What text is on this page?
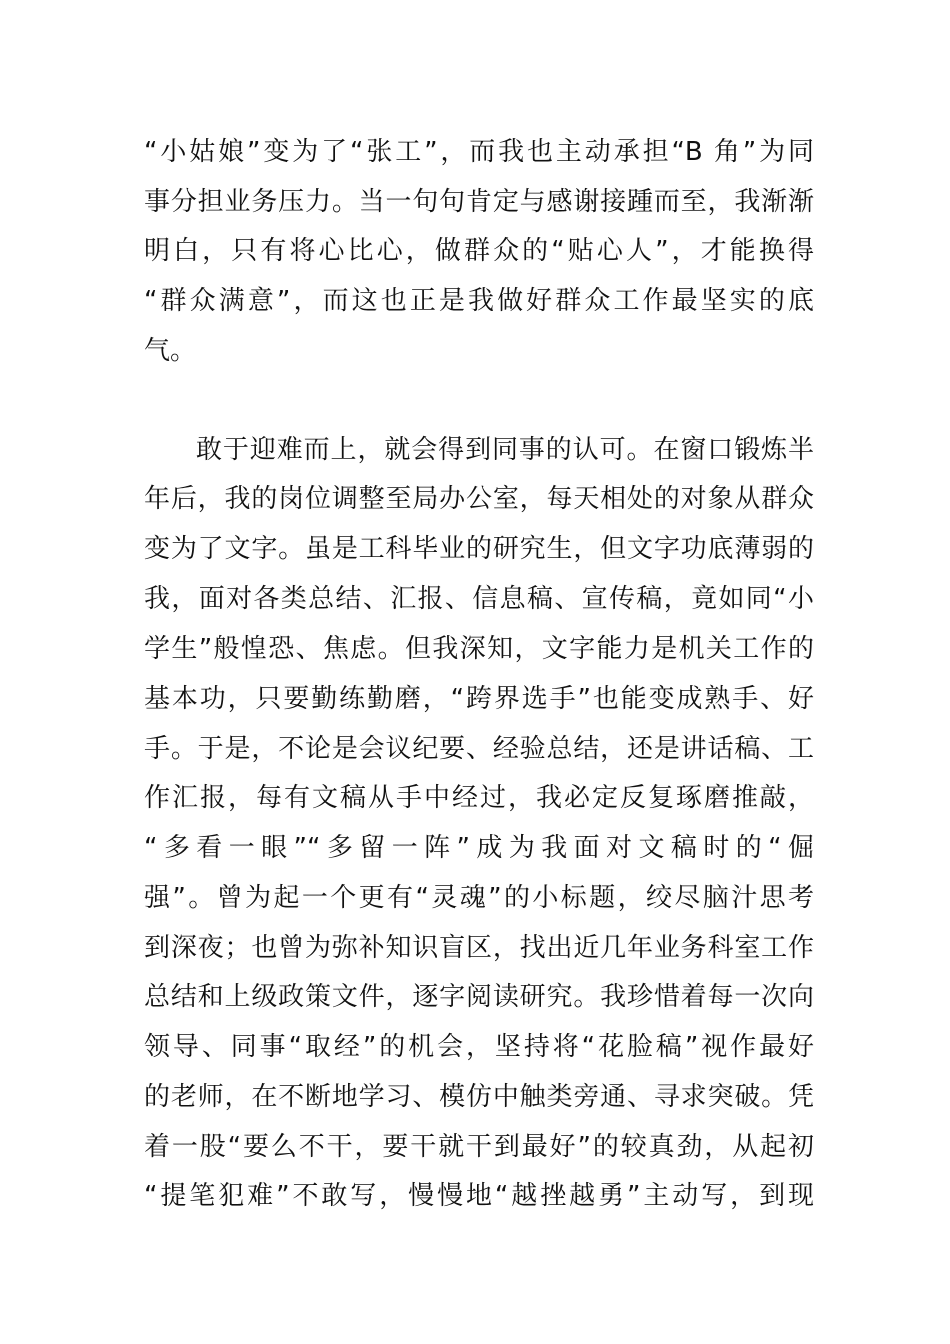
“小姑娘”变为了“张工”，而我也主动承担“B 角”为同
事分担业务压力。当一句句肯定与感谢接踵而至，我渐渐
明白，只有将心比心，做群众的“贴心人”，才能换得
“群众满意”，而这也正是我做好群众工作最坚实的底
气。
敢于迎难而上，就会得到同事的认可。在窗口锻炼半
年后，我的岗位调整至局办公室，每天相处的对象从群众
变为了文字。虽是工科毕业的研究生，但文字功底薄弱的
我，面对各类总结、汇报、信息稿、宣传稿，竟如同“小
学生”般惶恐、焦虑。但我深知，文字能力是机关工作的
基本功，只要勤练勤磨，“跨界选手”也能变成熟手、好
手。于是，不论是会议纪要、经验总结，还是讲话稿、工
作汇报，每有文稿从手中经过，我必定反复琢磨推敲，
“多看一眼”“多留一阵”成为我面对文稿时的“倔
强”。曾为起一个更有“灵魂”的小标题，绞尽脑汁思考
到深夜；也曾为弥补知识盲区，找出近几年业务科室工作
总结和上级政策文件，逐字阅读研究。我珍惜着每一次向
领导、同事“取经”的机会，坚持将“花脸稿”视作最好
的老师，在不断地学习、模仿中触类旁通、寻求突破。凭
着一股“要么不干，要干就干到最好”的较真劲，从起初
“提笔犯难”不敢写，慢慢地“越挫越勇”主动写，到现
